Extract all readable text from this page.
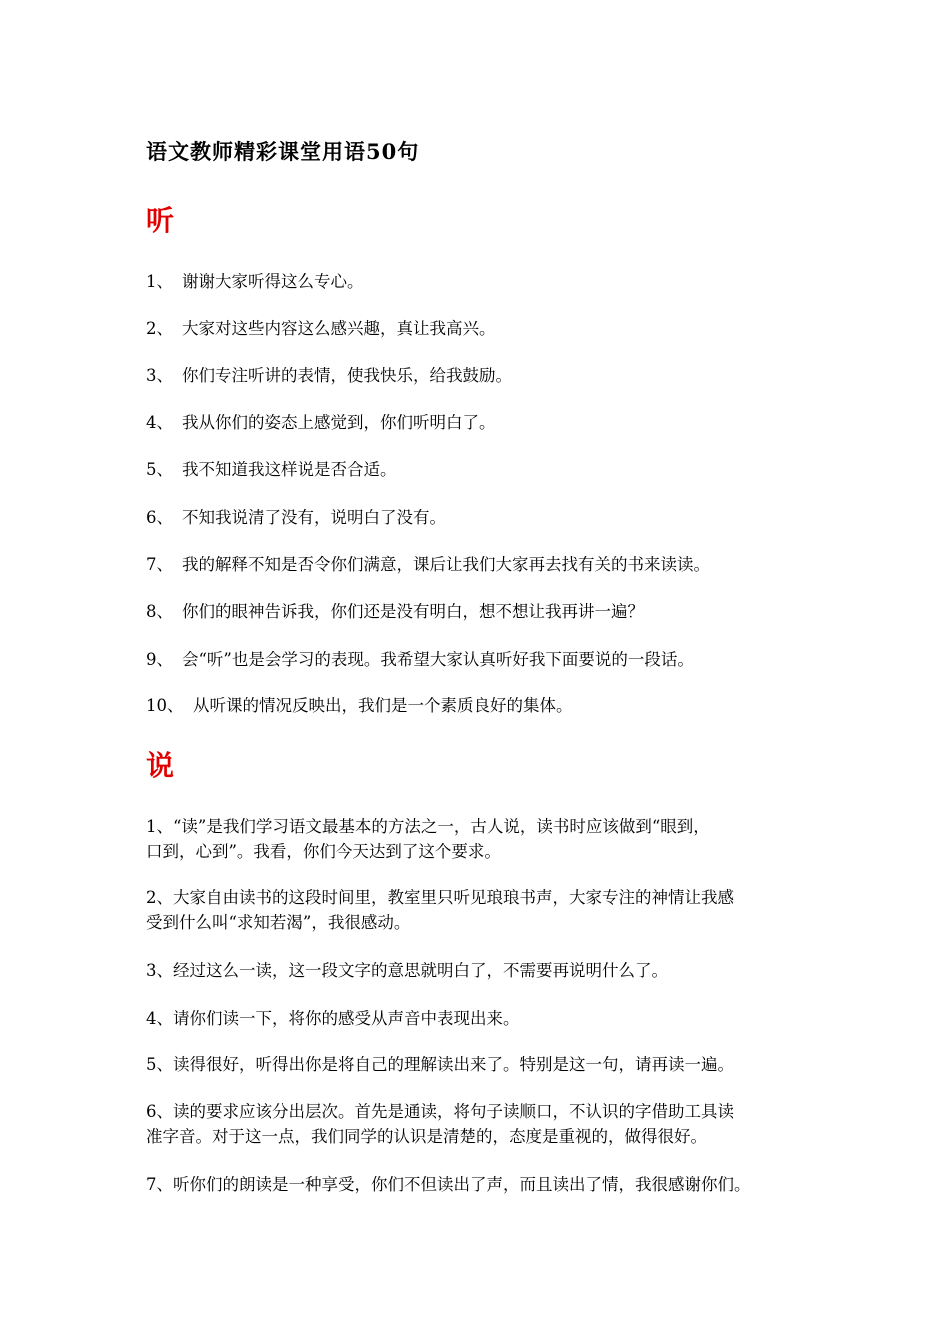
语文教师精彩课堂用语50句
听
1、 谢谢大家听得这么专心。
2、 大家对这些内容这么感兴趣，真让我高兴。
3、 你们专注听讲的表情，使我快乐，给我鼓励。
4、 我从你们的姿态上感觉到，你们听明白了。
5、 我不知道我这样说是否合适。
6、 不知我说清了没有，说明白了没有。
7、 我的解释不知是否令你们满意，课后让我们大家再去找有关的书来读读。
8、 你们的眼神告诉我，你们还是没有明白，想不想让我再讲一遍？
9、 会“听”也是会学习的表现。我希望大家认真听好我下面要说的一段话。
10、 从听课的情况反映出，我们是一个素质良好的集体。
说
1、“读”是我们学习语文最基本的方法之一，古人说，读书时应该做到“眼到，
口到，心到”。我看，你们今天达到了这个要求。
2、大家自由读书的这段时间里，教室里只听见琅琅书声，大家专注的神情让我感
受到什么叫“求知若渴”，我很感动。
3、经过这么一读，这一段文字的意思就明白了，不需要再说明什么了。
4、请你们读一下，将你的感受从声音中表现出来。
5、读得很好，听得出你是将自己的理解读出来了。特别是这一句，请再读一遍。
6、读的要求应该分出层次。首先是通读，将句子读顺口，不认识的字借助工具读
准字音。对于这一点，我们同学的认识是清楚的，态度是重视的，做得很好。
7、听你们的朗读是一种享受，你们不但读出了声，而且读出了情，我很感谢你们。
